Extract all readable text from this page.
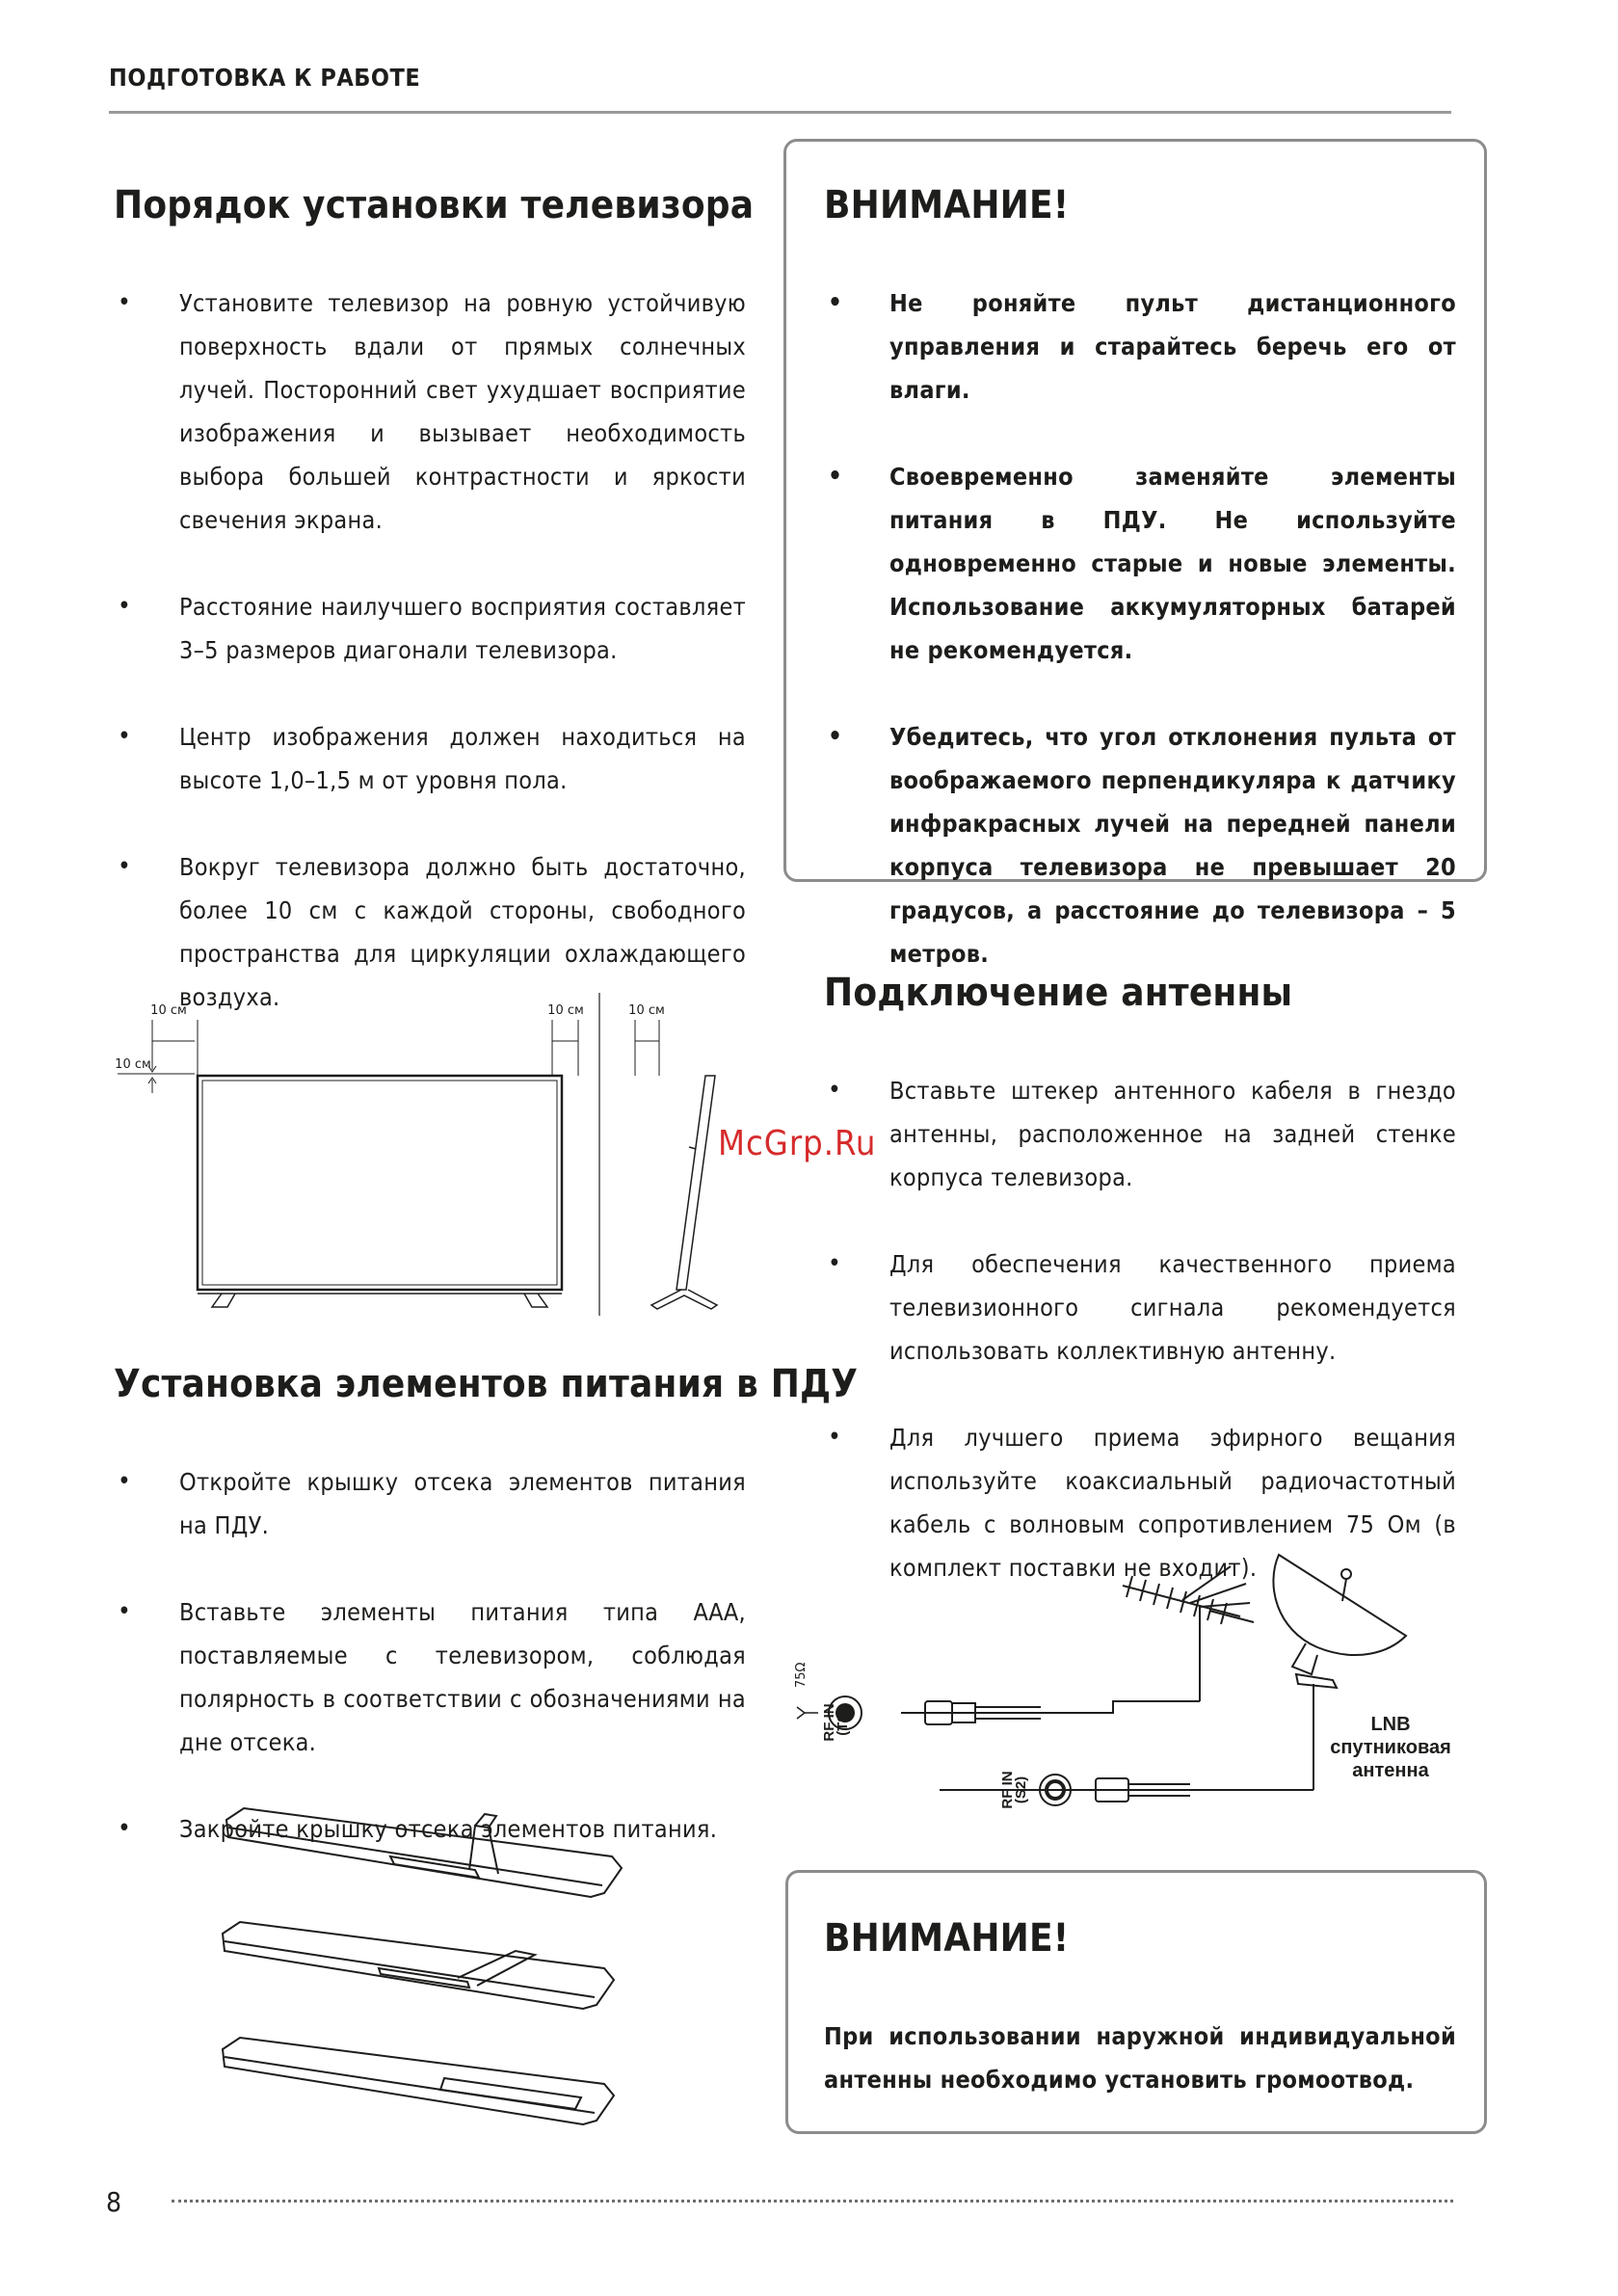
ПОДГОТОВКА К РАБОТЕ
Порядок установки телевизора
• Установите телевизор на ровную устойчивую поверхность вдали от прямых солнечных лучей. Посторонний свет ухудшает восприятие изображения и вызывает необходимость выбора большей контрастности и яркости свечения экрана.
• Расстояние наилучшего восприятия составляет 3–5 размеров диагонали телевизора.
• Центр изображения должен находиться на высоте 1,0–1,5 м от уровня пола.
• Вокруг телевизора должно быть достаточно, более 10 см с каждой стороны, свободного пространства для циркуляции охлаждающего воздуха.
10 см
10 см
10 см	10 см
Установка элементов питания в ПДУ
• Откройте крышку отсека элементов питания на ПДУ.
• Вставьте элементы питания типа ААА, поставляемые с телевизором, соблюдая полярность в соответствии с обозначениями на дне отсека.
• Закройте крышку отсека элементов питания.
ВНИМАНИЕ!
• Не роняйте пульт дистанционного управления и старайтесь беречь его от влаги.
• Своевременно заменяйте элементы питания в ПДУ. Не используйте одновременно старые и новые элементы. Использование аккумуляторных батарей не рекомендуется.
• Убедитесь, что угол отклонения пульта от воображаемого перпендикуляра к датчику инфракрасных лучей на передней панели корпуса телевизора не превышает 20 градусов, а расстояние до телевизора – 5 метров.
Подключение антенны
• Вставьте штекер антенного кабеля в гнездо антенны, расположенное на задней стенке корпуса телевизора.
• Для обеспечения качественного приема телевизионного сигнала рекомендуется использовать коллективную антенну.
• Для лучшего приема эфирного вещания используйте коаксиальный радиочастотный кабель с волновым сопротивлением 75 Ом (в комплект поставки не входит).
75Ω
RF IN
(T2)
RF IN
(S2)
LNB
спутниковая
антенна
ВНИМАНИЕ!
При использовании наружной индивидуальной антенны необходимо установить громоотвод.
McGrp.Ru
8
